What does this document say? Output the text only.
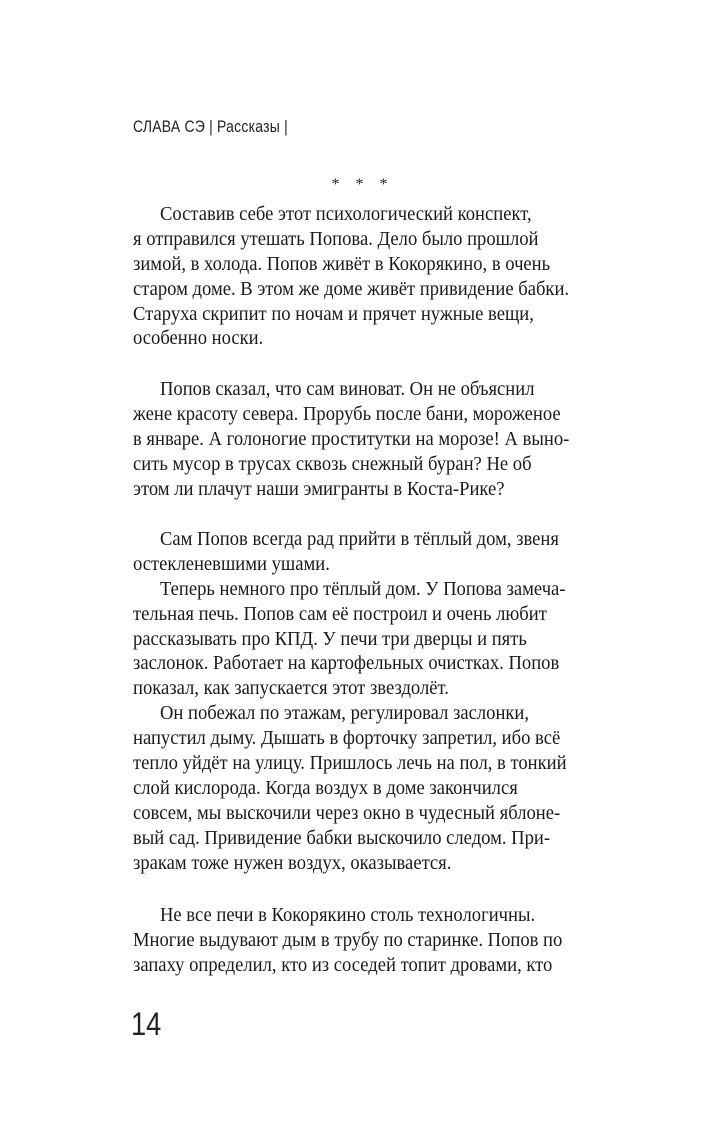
СЛАВА СЭ | Рассказы |
* * *
Составив себе этот психологический конспект,
я отправился утешать Попова. Дело было прошлой
зимой, в холода. Попов живёт в Кокорякино, в очень
старом доме. В этом же доме живёт привидение бабки.
Старуха скрипит по ночам и прячет нужные вещи,
особенно носки.
Попов сказал, что сам виноват. Он не объяснил
жене красоту севера. Прорубь после бани, мороженое
в январе. А голоногие проститутки на морозе! А выно-
сить мусор в трусах сквозь снежный буран? Не об
этом ли плачут наши эмигранты в Коста-Рике?
Сам Попов всегда рад прийти в тёплый дом, звеня
остекленевшими ушами.
Теперь немного про тёплый дом. У Попова замеча-
тельная печь. Попов сам её построил и очень любит
рассказывать про КПД. У печи три дверцы и пять
заслонок. Работает на картофельных очистках. Попов
показал, как запускается этот звездолёт.
Он побежал по этажам, регулировал заслонки,
напустил дыму. Дышать в форточку запретил, ибо всё
тепло уйдёт на улицу. Пришлось лечь на пол, в тонкий
слой кислорода. Когда воздух в доме закончился
совсем, мы выскочили через окно в чудесный яблоне-
вый сад. Привидение бабки выскочило следом. При-
зракам тоже нужен воздух, оказывается.
Не все печи в Кокорякино столь технологичны.
Многие выдувают дым в трубу по старинке. Попов по
запаху определил, кто из соседей топит дровами, кто
14
